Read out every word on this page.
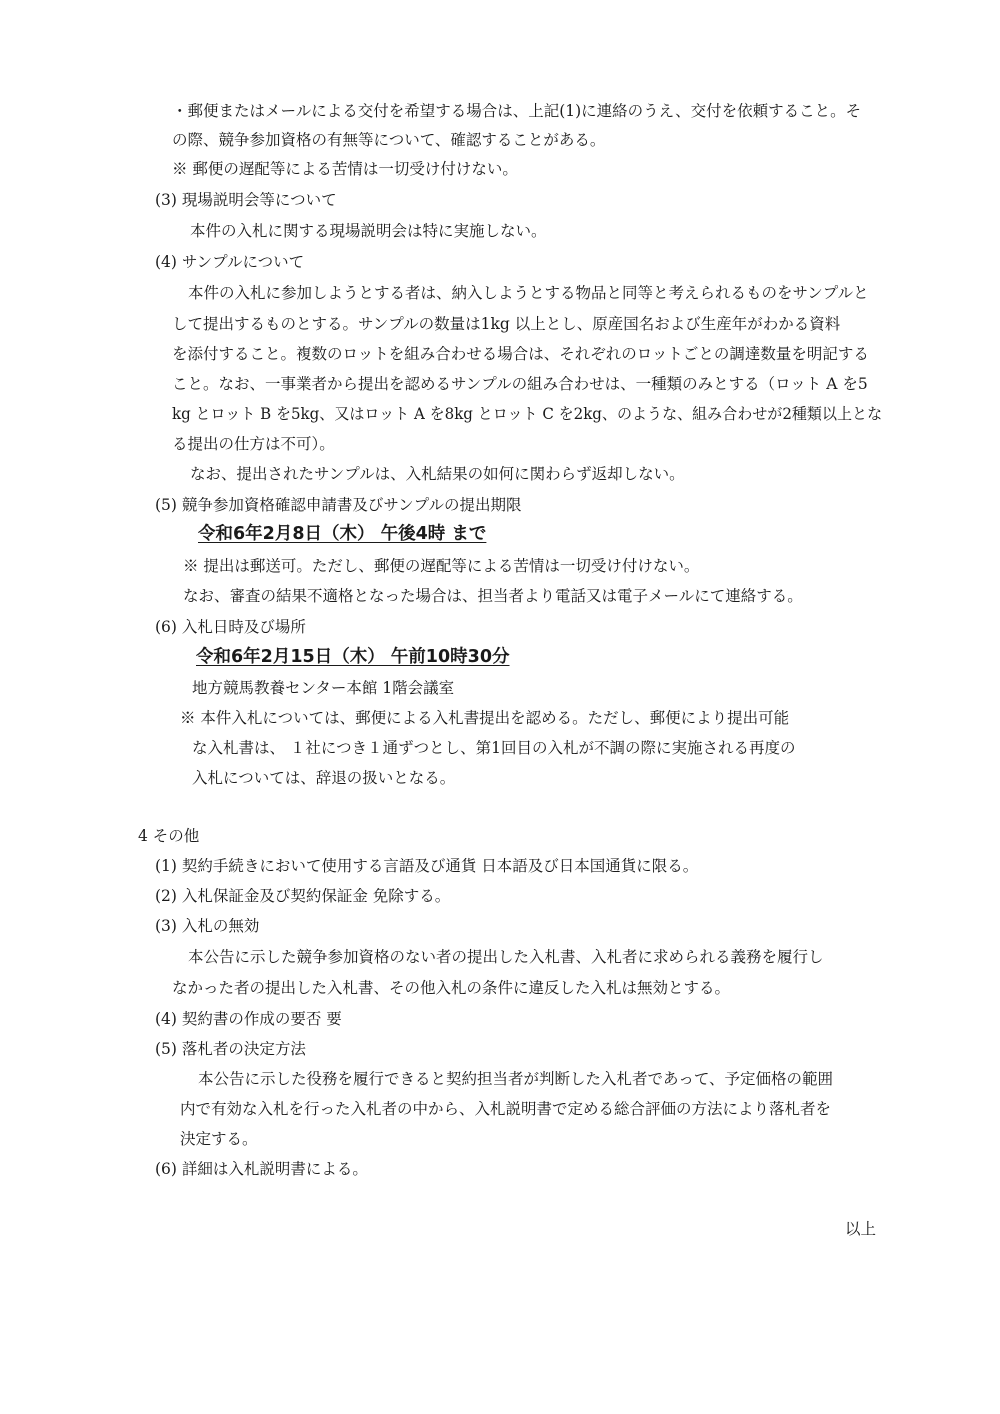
・郵便またはメールによる交付を希望する場合は、上記(1)に連絡のうえ、交付を依頼すること。そ
の際、競争参加資格の有無等について、確認することがある。
※ 郵便の遅配等による苦情は一切受け付けない。
(3) 現場説明会等について
本件の入札に関する現場説明会は特に実施しない。
(4) サンプルについて
本件の入札に参加しようとする者は、納入しようとする物品と同等と考えられるものをサンプルと
して提出するものとする。サンプルの数量は1kg 以上とし、原産国名および生産年がわかる資料
を添付すること。複数のロットを組み合わせる場合は、それぞれのロットごとの調達数量を明記する
こと。なお、一事業者から提出を認めるサンプルの組み合わせは、一種類のみとする（ロット A を5
kg とロット B を5kg、又はロット A を8kg とロット C を2kg、のような、組み合わせが2種類以上とな
る提出の仕方は不可）。
なお、提出されたサンプルは、入札結果の如何に関わらず返却しない。
(5) 競争参加資格確認申請書及びサンプルの提出期限
令和6年2月8日（木） 午後4時 まで
※ 提出は郵送可。ただし、郵便の遅配等による苦情は一切受け付けない。
なお、審査の結果不適格となった場合は、担当者より電話又は電子メールにて連絡する。
(6) 入札日時及び場所
令和6年2月15日（木） 午前10時30分
地方競馬教養センター本館 1階会議室
※ 本件入札については、郵便による入札書提出を認める。ただし、郵便により提出可能
な入札書は、 １社につき１通ずつとし、第1回目の入札が不調の際に実施される再度の
入札については、辞退の扱いとなる。
4 その他
(1) 契約手続きにおいて使用する言語及び通貨 日本語及び日本国通貨に限る。
(2) 入札保証金及び契約保証金 免除する。
(3) 入札の無効
本公告に示した競争参加資格のない者の提出した入札書、入札者に求められる義務を履行し
なかった者の提出した入札書、その他入札の条件に違反した入札は無効とする。
(4) 契約書の作成の要否 要
(5) 落札者の決定方法
本公告に示した役務を履行できると契約担当者が判断した入札者であって、予定価格の範囲
内で有効な入札を行った入札者の中から、入札説明書で定める総合評価の方法により落札者を
決定する。
(6) 詳細は入札説明書による。
以上
